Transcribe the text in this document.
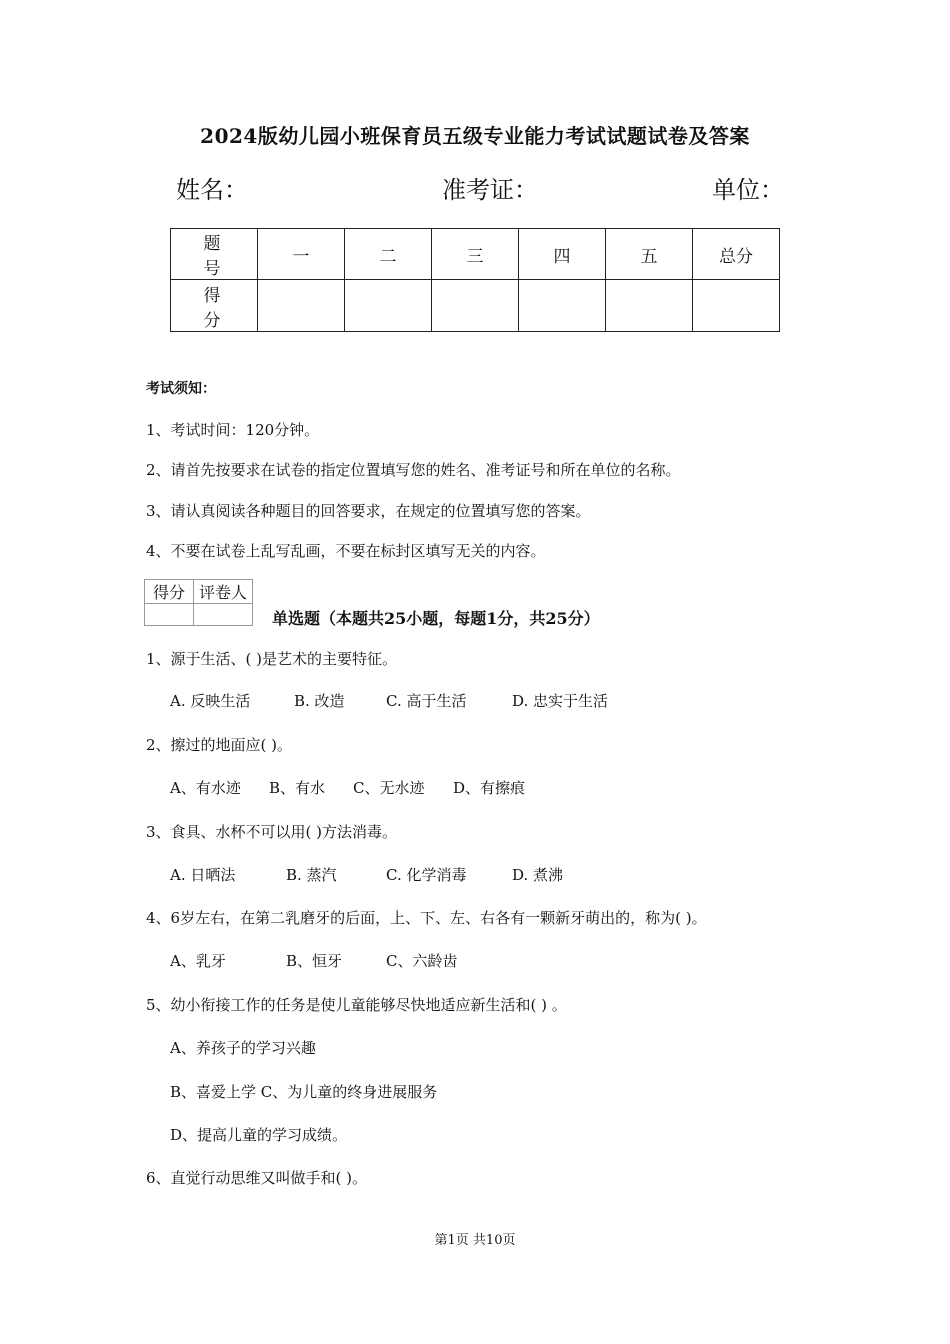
2024版幼儿园小班保育员五级专业能力考试试题试卷及答案
姓名：	准考证：	单位：
题 号	一	二	三	四	五	总分
得 分						
考试须知：
1、考试时间：120分钟。
2、请首先按要求在试卷的指定位置填写您的姓名、准考证号和所在单位的名称。
3、请认真阅读各种题目的回答要求，在规定的位置填写您的答案。
4、不要在试卷上乱写乱画，不要在标封区填写无关的内容。
得分	评卷人

单选题（本题共25小题，每题1分，共25分）
1、源于生活、( )是艺术的主要特征。
A. 反映生活	B. 改造	C. 高于生活	D. 忠实于生活
2、擦过的地面应( )。
A、有水迹 B、有水 C、无水迹 D、有擦痕
3、食具、水杯不可以用( )方法消毒。
A. 日晒法	B. 蒸汽	C. 化学消毒	D. 煮沸
4、6岁左右，在第二乳磨牙的后面，上、下、左、右各有一颗新牙萌出的，称为( )。
A、乳牙	B、恒牙	C、六龄齿
5、幼小衔接工作的任务是使儿童能够尽快地适应新生活和( ) 。
A、养孩子的学习兴趣
B、喜爱上学 C、为儿童的终身进展服务
D、提高儿童的学习成绩。
6、直觉行动思维又叫做手和( )。
第1页 共10页
